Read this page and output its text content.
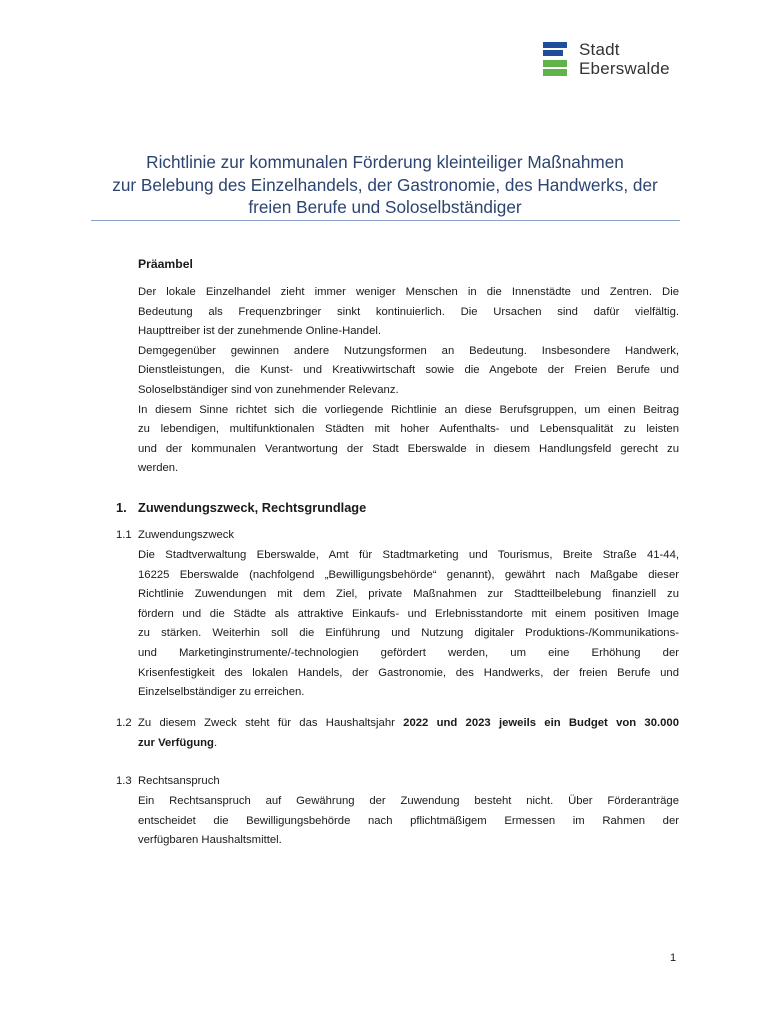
Stadt
Eberswalde
Richtlinie zur kommunalen Förderung kleinteiliger Maßnahmen
zur Belebung des Einzelhandels, der Gastronomie, des Handwerks, der
freien Berufe und Soloselbständiger
Präambel
Der lokale Einzelhandel zieht immer weniger Menschen in die Innenstädte und Zentren. Die
Bedeutung als Frequenzbringer sinkt kontinuierlich. Die Ursachen sind dafür vielfältig.
Haupttreiber ist der zunehmende Online-Handel.
Demgegenüber gewinnen andere Nutzungsformen an Bedeutung. Insbesondere Handwerk,
Dienstleistungen, die Kunst- und Kreativwirtschaft sowie die Angebote der Freien Berufe und
Soloselbständiger sind von zunehmender Relevanz.
In diesem Sinne richtet sich die vorliegende Richtlinie an diese Berufsgruppen, um einen Beitrag
zu lebendigen, multifunktionalen Städten mit hoher Aufenthalts- und Lebensqualität zu leisten
und der kommunalen Verantwortung der Stadt Eberswalde in diesem Handlungsfeld gerecht zu
werden.
1. Zuwendungszweck, Rechtsgrundlage
1.1 Zuwendungszweck
Die Stadtverwaltung Eberswalde, Amt für Stadtmarketing und Tourismus, Breite Straße 41-44,
16225 Eberswalde (nachfolgend „Bewilligungsbehörde“ genannt), gewährt nach Maßgabe dieser
Richtlinie Zuwendungen mit dem Ziel, private Maßnahmen zur Stadtteilbelebung finanziell zu
fördern und die Städte als attraktive Einkaufs- und Erlebnisstandorte mit einem positiven Image
zu stärken. Weiterhin soll die Einführung und Nutzung digitaler Produktions-/Kommunikations-
und Marketinginstrumente/-technologien gefördert werden, um eine Erhöhung der
Krisenfestigkeit des lokalen Handels, der Gastronomie, des Handwerks, der freien Berufe und
Einzelselbständiger zu erreichen.
1.2 Zu diesem Zweck steht für das Haushaltsjahr 2022 und 2023 jeweils ein Budget von 30.000
zur Verfügung.
1.3 Rechtsanspruch
Ein Rechtsanspruch auf Gewährung der Zuwendung besteht nicht. Über Förderanträge
entscheidet die Bewilligungsbehörde nach pflichtmäßigem Ermessen im Rahmen der
verfügbaren Haushaltsmittel.
1
